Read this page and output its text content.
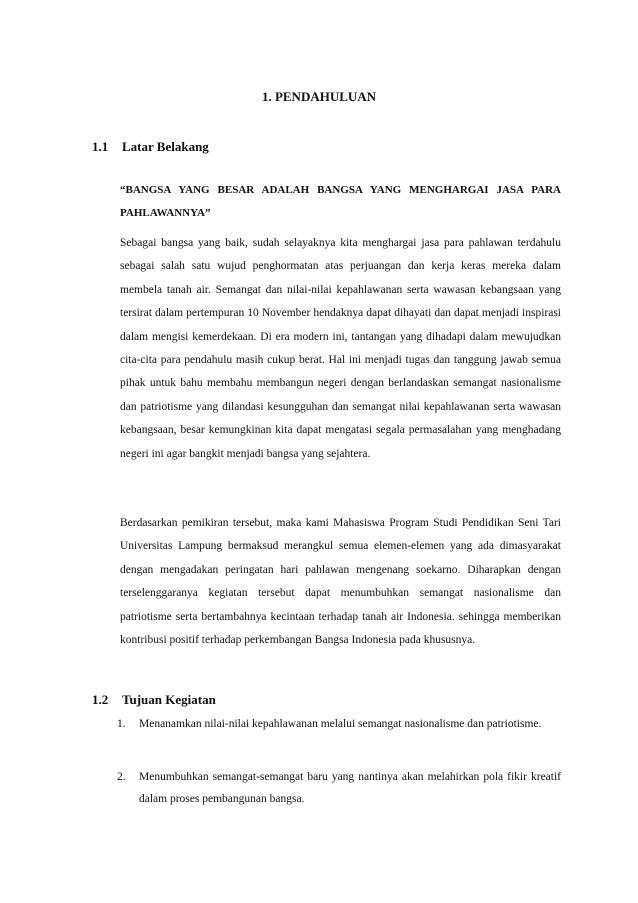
1. PENDAHULUAN
1.1 Latar Belakang

“BANGSA YANG BESAR ADALAH BANGSA YANG MENGHARGAI JASA PARA PAHLAWANNYA”

Sebagai bangsa yang baik, sudah selayaknya kita menghargai jasa para pahlawan terdahulu sebagai salah satu wujud penghormatan atas perjuangan dan kerja keras mereka dalam membela tanah air. Semangat dan nilai-nilai kepahlawanan serta wawasan kebangsaan yang tersirat dalam pertempuran 10 November hendaknya dapat dihayati dan dapat menjadi inspirasi dalam mengisi kemerdekaan. Di era modern ini, tantangan yang dihadapi dalam mewujudkan cita-cita para pendahulu masih cukup berat. Hal ini menjadi tugas dan tanggung jawab semua pihak untuk bahu membahu membangun negeri dengan berlandaskan semangat nasionalisme dan patriotisme yang dilandasi kesungguhan dan semangat nilai kepahlawanan serta wawasan kebangsaan, besar kemungkinan kita dapat mengatasi segala permasalahan yang menghadang negeri ini agar bangkit menjadi bangsa yang sejahtera.

Berdasarkan pemikiran tersebut, maka kami Mahasiswa Program Studi Pendidikan Seni Tari Universitas Lampung bermaksud merangkul semua elemen-elemen yang ada dimasyarakat dengan mengadakan peringatan hari pahlawan mengenang soekarno. Diharapkan dengan terselenggaranya kegiatan tersebut dapat menumbuhkan semangat nasionalisme dan patriotisme serta bertambahnya kecintaan terhadap tanah air Indonesia. sehingga memberikan kontribusi positif terhadap perkembangan Bangsa Indonesia pada khususnya.

1.2 Tujuan Kegiatan
1. Menanamkan nilai-nilai kepahlawanan melalui semangat nasionalisme dan patriotisme.

2. Menumbuhkan semangat-semangat baru yang nantinya akan melahirkan pola fikir kreatif dalam proses pembangunan bangsa.
